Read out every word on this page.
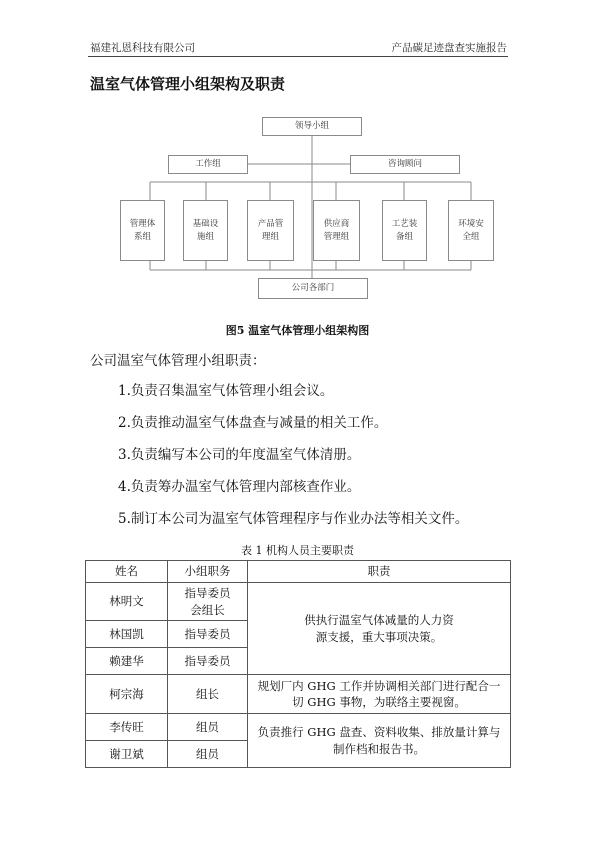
福建礼恩科技有限公司	产品碳足迹盘查实施报告
温室气体管理小组架构及职责
领导小组
工作组	咨询顾问
管理体
系组
基础设
施组
产品管
理组
供应商
管理组
工艺装
备组
环境安
全组
公司各部门
图5 温室气体管理小组架构图
公司温室气体管理小组职责：
1.负责召集温室气体管理小组会议。
2.负责推动温室气体盘查与减量的相关工作。
3.负责编写本公司的年度温室气体清册。
4.负责筹办温室气体管理内部核查作业。
5.制订本公司为温室气体管理程序与作业办法等相关文件。
表 1 机构人员主要职责
姓名	小组职务	职责
林明文	指导委员会组长	供执行温室气体减量的人力资源支援，重大事项决策。
林国凯	指导委员	
赖建华	指导委员	
柯宗海	组长	规划厂内 GHG 工作并协调相关部门进行配合一切 GHG 事物，为联络主要视窗。
李传旺	组员	负责推行 GHG 盘查、资料收集、排放量计算与制作档和报告书。
谢卫斌	组员	
